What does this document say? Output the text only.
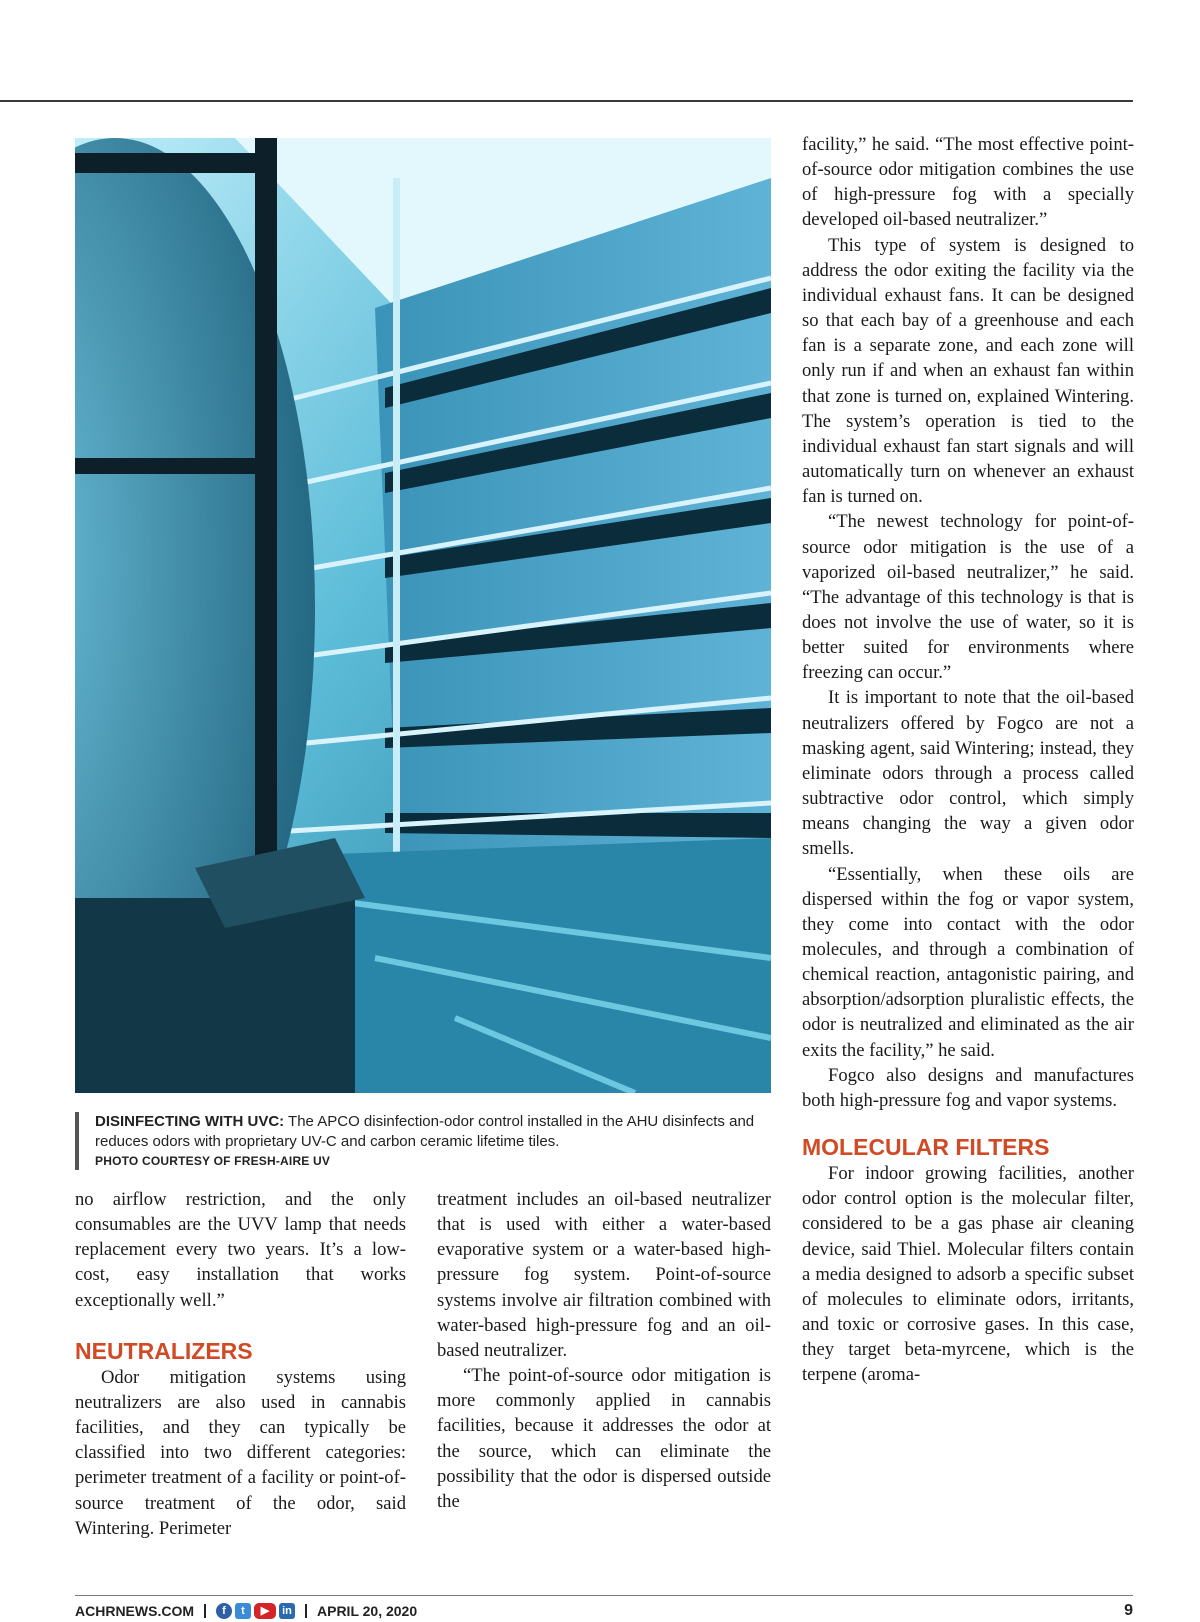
DISINFECTING WITH UVC: The APCO disinfection-odor control installed in the AHU disinfects and reduces odors with proprietary UV-C and carbon ceramic lifetime tiles.
PHOTO COURTESY OF FRESH-AIRE UV

no airflow restriction, and the only consumables are the UVV lamp that needs replacement every two years. It’s a low-cost, easy installation that works exceptionally well.”

NEUTRALIZERS

Odor mitigation systems using neutralizers are also used in cannabis facilities, and they can typically be classified into two different categories: perimeter treatment of a facility or point-of-source treatment of the odor, said Wintering. Perimeter

treatment includes an oil-based neutralizer that is used with either a water-based evaporative system or a water-based high-pressure fog system. Point-of-source systems involve air filtration combined with water-based high-pressure fog and an oil-based neutralizer.

“The point-of-source odor mitigation is more commonly applied in cannabis facilities, because it addresses the odor at the source, which can eliminate the possibility that the odor is dispersed outside the

facility,” he said. “The most effective point-of-source odor mitigation combines the use of high-pressure fog with a specially developed oil-based neutralizer.”

This type of system is designed to address the odor exiting the facility via the individual exhaust fans. It can be designed so that each bay of a greenhouse and each fan is a separate zone, and each zone will only run if and when an exhaust fan within that zone is turned on, explained Wintering. The system’s operation is tied to the individual exhaust fan start signals and will automatically turn on whenever an exhaust fan is turned on.

“The newest technology for point-of-source odor mitigation is the use of a vaporized oil-based neutralizer,” he said. “The advantage of this technology is that is does not involve the use of water, so it is better suited for environments where freezing can occur.”

It is important to note that the oil-based neutralizers offered by Fogco are not a masking agent, said Wintering; instead, they eliminate odors through a process called subtractive odor control, which simply means changing the way a given odor smells.

“Essentially, when these oils are dispersed within the fog or vapor system, they come into contact with the odor molecules, and through a combination of chemical reaction, antagonistic pairing, and absorption/adsorption pluralistic effects, the odor is neutralized and eliminated as the air exits the facility,” he said.

Fogco also designs and manufactures both high-pressure fog and vapor systems.

MOLECULAR FILTERS

For indoor growing facilities, another odor control option is the molecular filter, considered to be a gas phase air cleaning device, said Thiel. Molecular filters contain a media designed to adsorb a specific subset of molecules to eliminate odors, irritants, and toxic or corrosive gases. In this case, they target beta-myrcene, which is the terpene (aroma-

ACHRNEWS.COM	f	t	▶	in APRIL 20, 2020	9
